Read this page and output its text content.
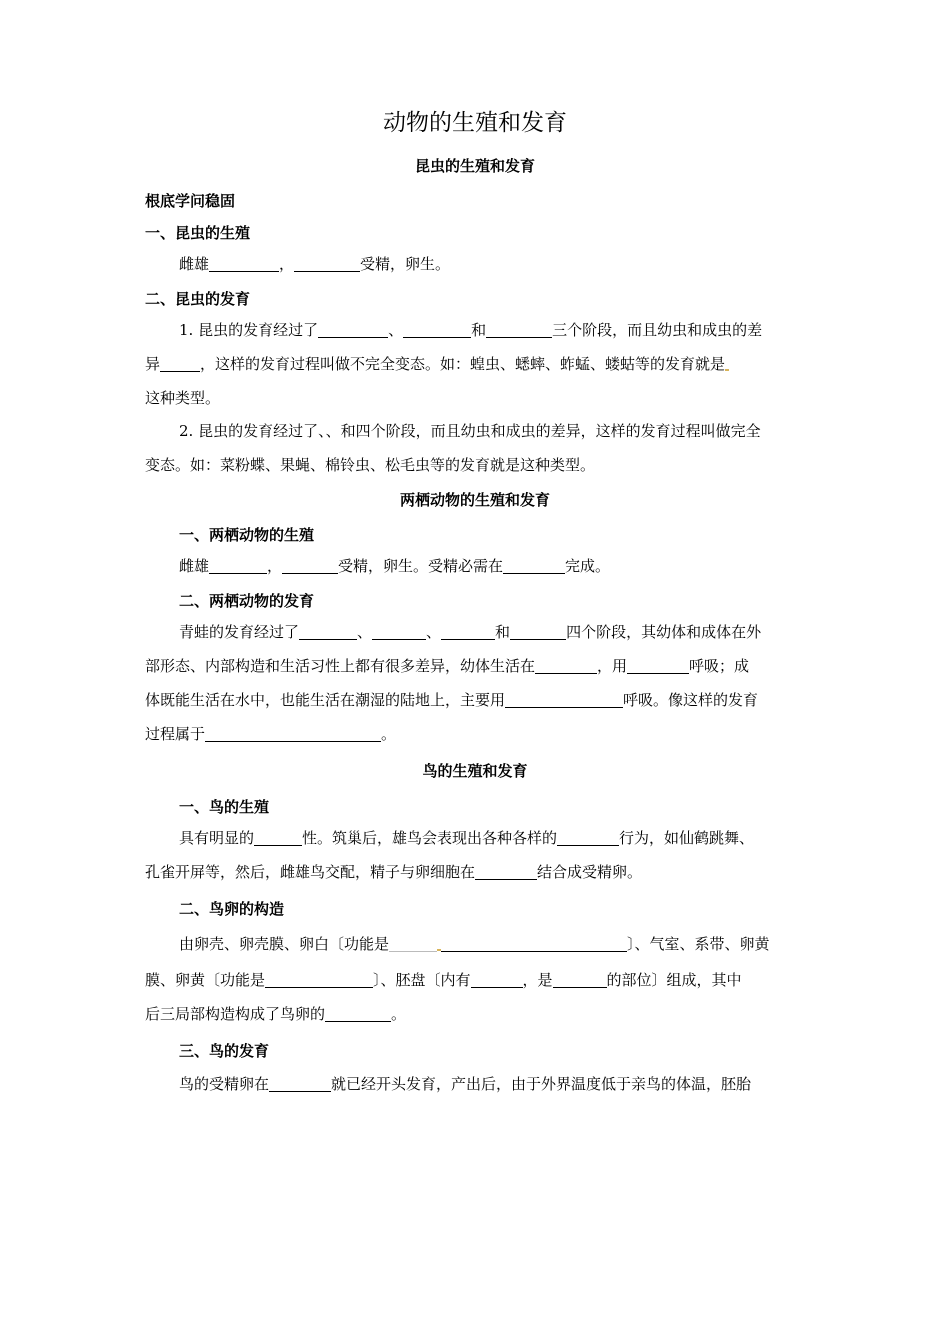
动物的生殖和发育
昆虫的生殖和发育
根底学问稳固
一、昆虫的生殖
雌雄	，	受精，卵生。
二、昆虫的发育
1. 昆虫的发育经过了	、	和	三个阶段，而且幼虫和成虫的差
异	，这样的发育过程叫做不完全变态。如：蝗虫、蟋蟀、蚱蜢、蝼蛄等的发育就是
这种类型。
2. 昆虫的发育经过了、、和四个阶段，而且幼虫和成虫的差异，这样的发育过程叫做完全
变态。如：菜粉蝶、果蝇、棉铃虫、松毛虫等的发育就是这种类型。
两栖动物的生殖和发育
一、两栖动物的生殖
雌雄	，	受精，卵生。受精必需在	完成。
二、两栖动物的发育
青蛙的发育经过了	、	、	和	四个阶段，其幼体和成体在外
部形态、内部构造和生活习性上都有很多差异，幼体生活在	，用	呼吸；成
体既能生活在水中，也能生活在潮湿的陆地上，主要用	呼吸。像这样的发育
过程属于	。
鸟的生殖和发育
一、鸟的生殖
具有明显的	性。筑巢后，雄鸟会表现出各种各样的	行为，如仙鹤跳舞、
孔雀开屏等，然后，雌雄鸟交配，精子与卵细胞在	结合成受精卵。
二、鸟卵的构造
由卵壳、卵壳膜、卵白〔功能是	〕、气室、系带、卵黄
膜、卵黄〔功能是	〕、胚盘〔内有	，是	的部位〕组成，其中
后三局部构造构成了鸟卵的	。
三、鸟的发育
鸟的受精卵在	就已经开头发育，产出后，由于外界温度低于亲鸟的体温，胚胎
